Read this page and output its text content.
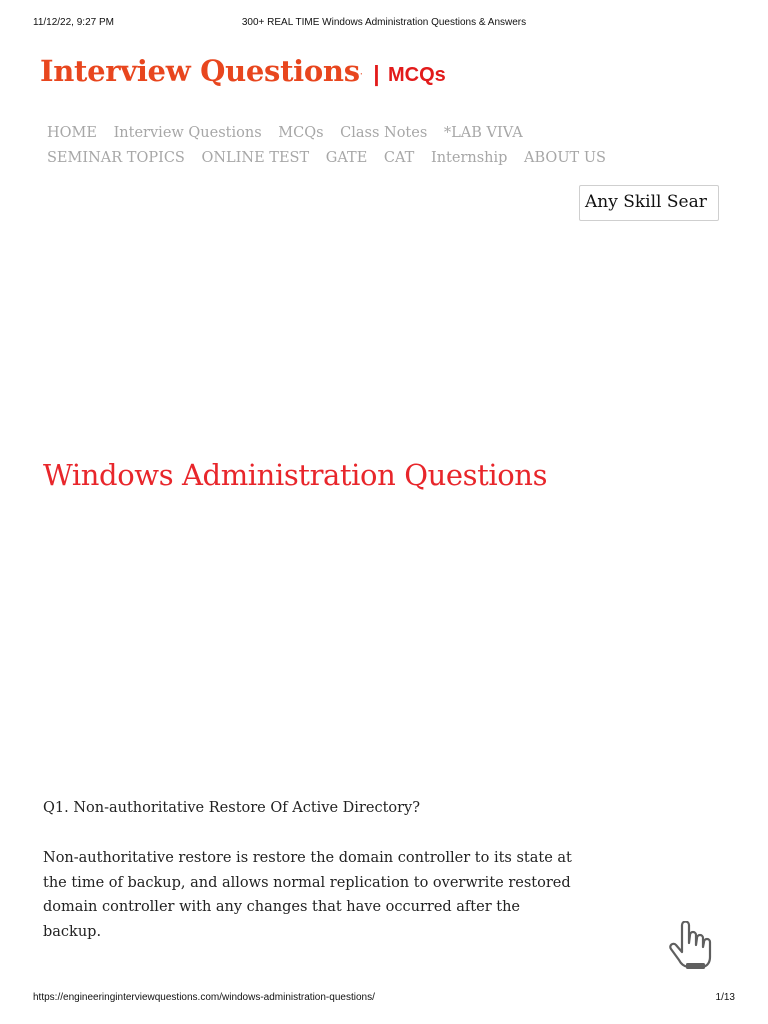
11/12/22, 9:27 PM	300+ REAL TIME Windows Administration Questions & Answers
Interview Questions. | MCQs
HOME Interview Questions MCQs Class Notes *LAB VIVA SEMINAR TOPICS ONLINE TEST GATE CAT Internship ABOUT US
Any Skill Sear
Windows Administration Questions
Q1. Non-authoritative Restore Of Active Directory?

Non-authoritative restore is restore the domain controller to its state at the time of backup, and allows normal replication to overwrite restored domain controller with any changes that have occurred after the backup.

https://engineeringinterviewquestions.com/windows-administration-questions/	1/13
